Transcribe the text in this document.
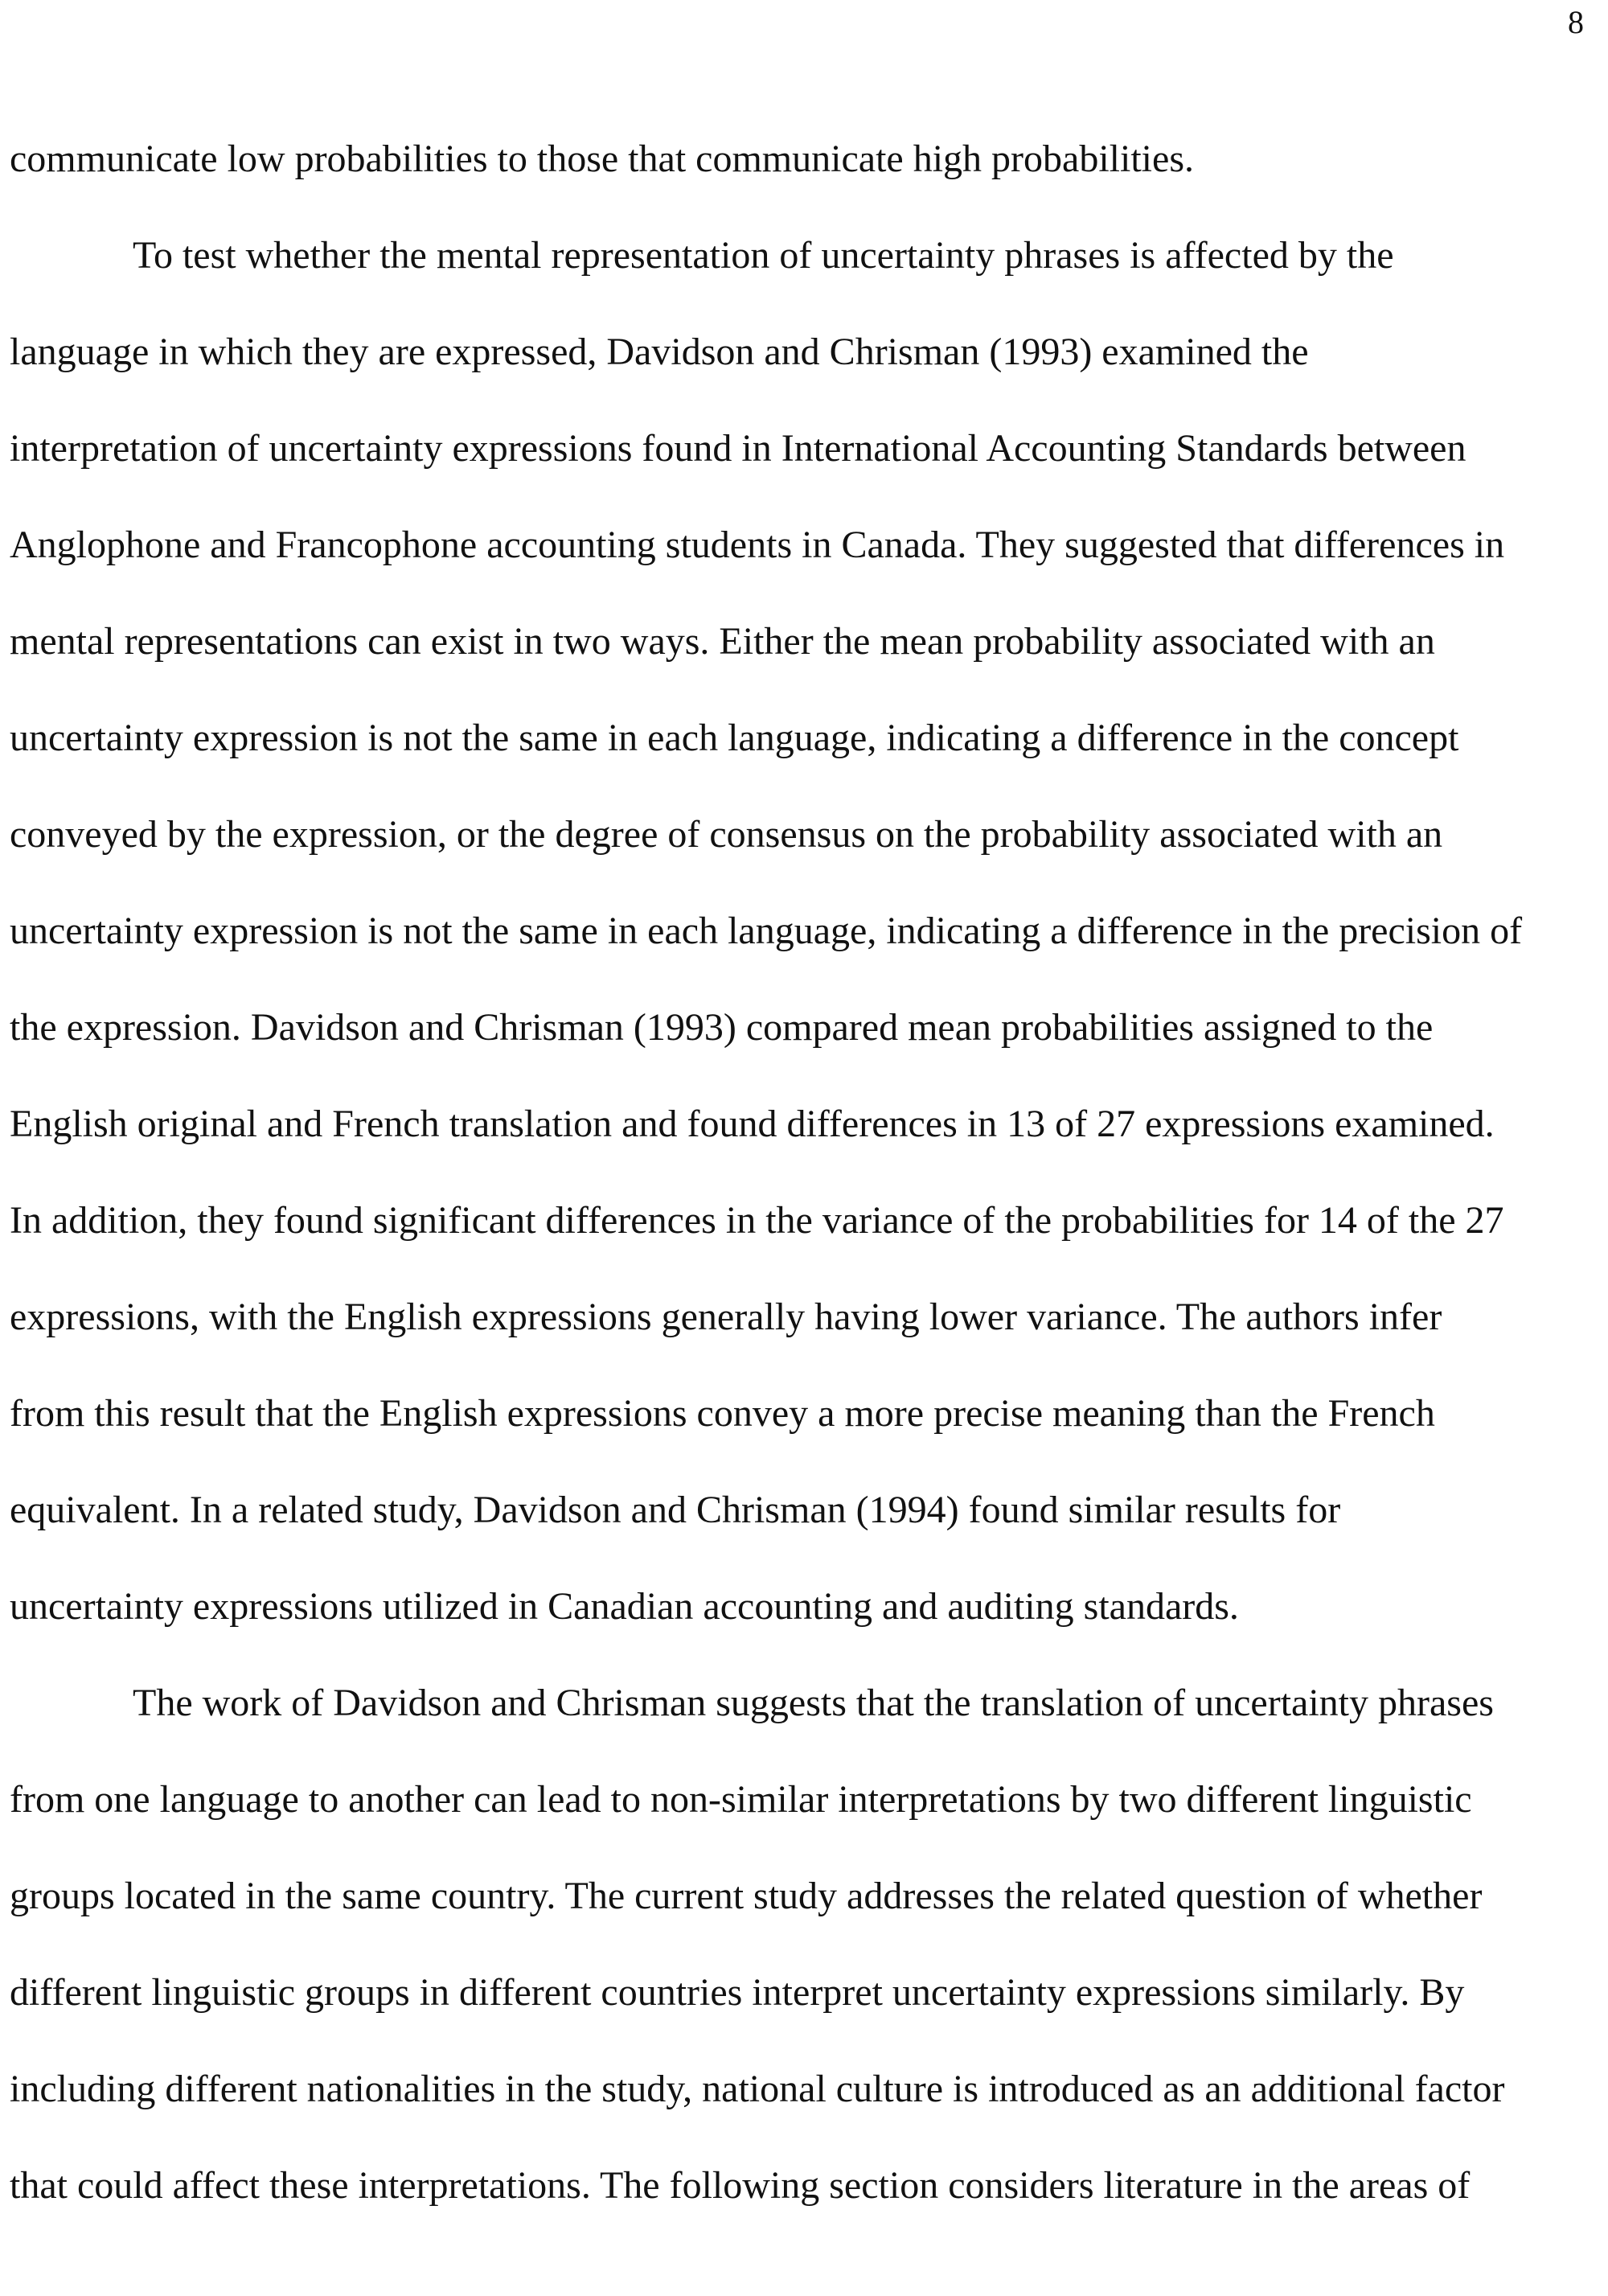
8
communicate low probabilities to those that communicate high probabilities.
To test whether the mental representation of uncertainty phrases is affected by the
language in which they are expressed, Davidson and Chrisman (1993) examined the
interpretation of uncertainty expressions found in International Accounting Standards between
Anglophone and Francophone accounting students in Canada. They suggested that differences in
mental representations can exist in two ways. Either the mean probability associated with an
uncertainty expression is not the same in each language, indicating a difference in the concept
conveyed by the expression, or the degree of consensus on the probability associated with an
uncertainty expression is not the same in each language, indicating a difference in the precision of
the expression. Davidson and Chrisman (1993) compared mean probabilities assigned to the
English original and French translation and found differences in 13 of 27 expressions examined.
In addition, they found significant differences in the variance of the probabilities for 14 of the 27
expressions, with the English expressions generally having lower variance. The authors infer
from this result that the English expressions convey a more precise meaning than the French
equivalent. In a related study, Davidson and Chrisman (1994) found similar results for
uncertainty expressions utilized in Canadian accounting and auditing standards.
The work of Davidson and Chrisman suggests that the translation of uncertainty phrases
from one language to another can lead to non-similar interpretations by two different linguistic
groups located in the same country. The current study addresses the related question of whether
different linguistic groups in different countries interpret uncertainty expressions similarly. By
including different nationalities in the study, national culture is introduced as an additional factor
that could affect these interpretations. The following section considers literature in the areas of
